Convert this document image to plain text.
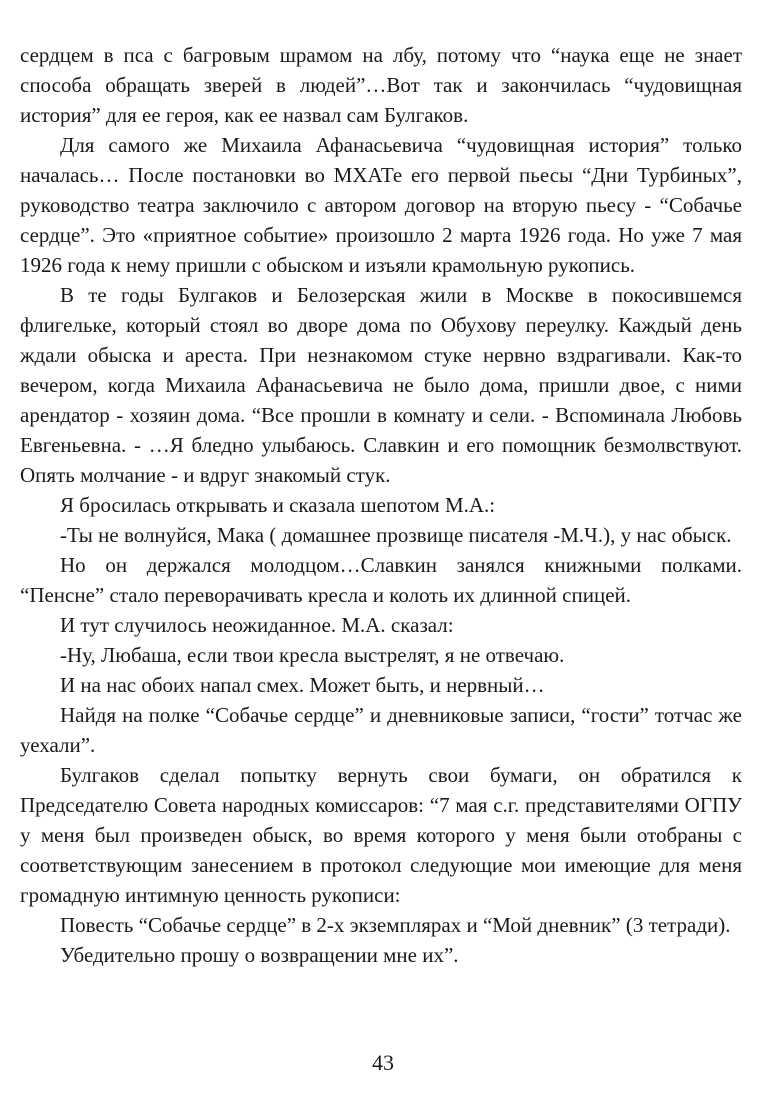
сердцем в пса с багровым шрамом на лбу, потому что “наука еще не знает способа обращать зверей в людей”…Вот так и закончилась “чудовищная история” для ее героя, как ее назвал сам Булгаков.

Для самого же Михаила Афанасьевича “чудовищная история” только началась… После постановки во МХАТе его первой пьесы “Дни Турбиных”, руководство театра заключило с автором договор на вторую пьесу - “Собачье сердце”. Это «приятное событие» произошло 2 марта 1926 года. Но уже 7 мая 1926 года к нему пришли с обыском и изъяли крамольную рукопись.

В те годы Булгаков и Белозерская жили в Москве в покосившемся флигельке, который стоял во дворе дома по Обухову переулку. Каждый день ждали обыска и ареста. При незнакомом стуке нервно вздрагивали. Как-то вечером, когда Михаила Афанасьевича не было дома, пришли двое, с ними арендатор - хозяин дома. “Все прошли в комнату и сели. - Вспоминала Любовь Евгеньевна. - …Я бледно улыбаюсь. Славкин и его помощник безмолвствуют. Опять молчание - и вдруг знакомый стук.

Я бросилась открывать и сказала шепотом М.А.:

-Ты не волнуйся, Мака ( домашнее прозвище писателя -М.Ч.), у нас обыск.

Но он держался молодцом…Славкин занялся книжными полками. “Пенсне” стало переворачивать кресла и колоть их длинной спицей.

И тут случилось неожиданное. М.А. сказал:

-Ну, Любаша, если твои кресла выстрелят, я не отвечаю.

И на нас обоих напал смех. Может быть, и нервный…

Найдя на полке “Собачье сердце” и дневниковые записи, “гости” тотчас же уехали”.

Булгаков сделал попытку вернуть свои бумаги, он обратился к Председателю Совета народных комиссаров: “7 мая с.г. представителями ОГПУ у меня был произведен обыск, во время которого у меня были отобраны с соответствующим занесением в протокол следующие мои имеющие для меня громадную интимную ценность рукописи:

Повесть “Собачье сердце” в 2-х экземплярах и “Мой дневник” (3 тетради).

Убедительно прошу о возвращении мне их”.

43
